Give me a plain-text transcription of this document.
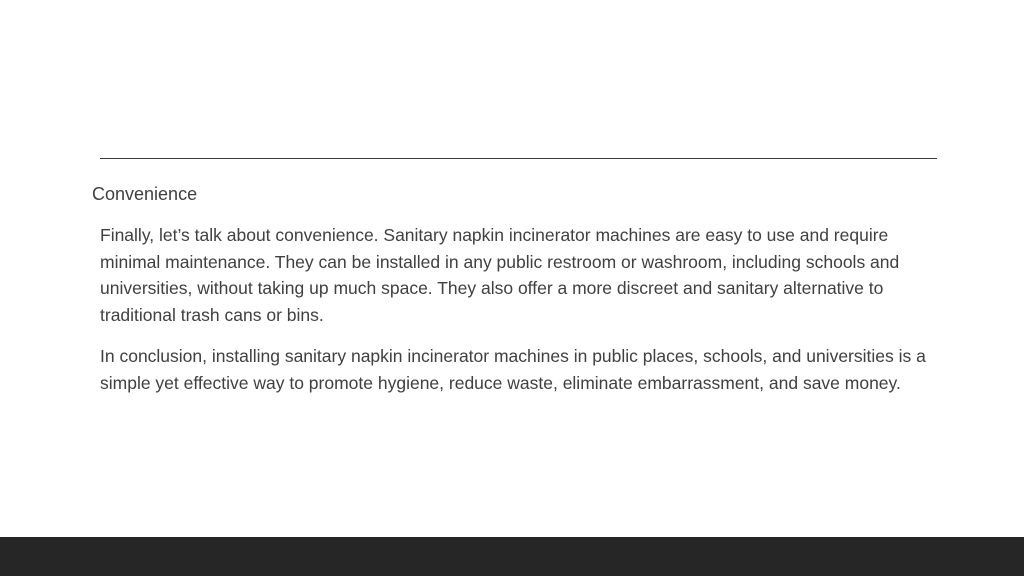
Convenience

Finally, let’s talk about convenience. Sanitary napkin incinerator machines are easy to use and require minimal maintenance. They can be installed in any public restroom or washroom, including schools and universities, without taking up much space. They also offer a more discreet and sanitary alternative to traditional trash cans or bins.

In conclusion, installing sanitary napkin incinerator machines in public places, schools, and universities is a simple yet effective way to promote hygiene, reduce waste, eliminate embarrassment, and save money.
